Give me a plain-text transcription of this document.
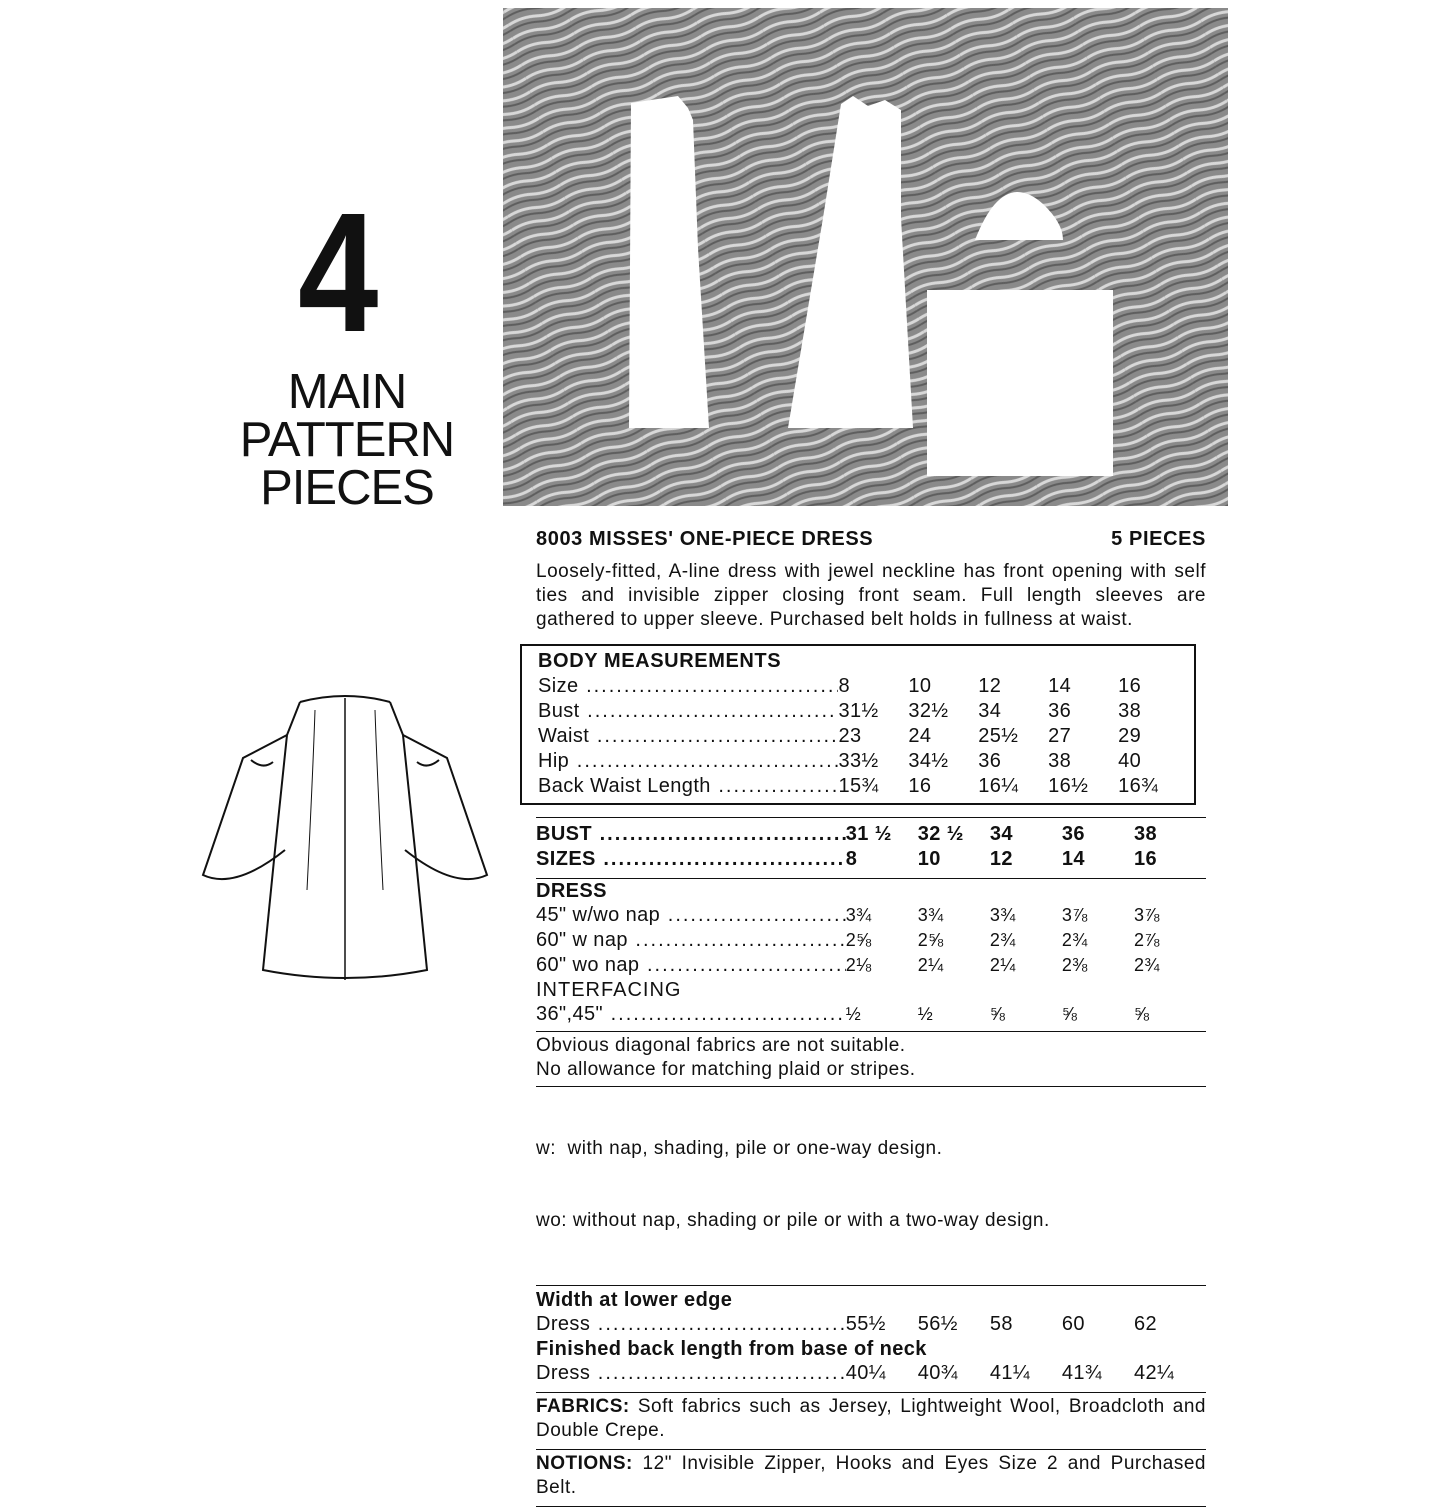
4
MAIN
PATTERN
PIECES
8003 MISSES' ONE-PIECE DRESS	5 PIECES
Loosely-fitted, A-line dress with jewel neckline has front opening with self ties and invisible zipper closing front seam. Full length sleeves are gathered to upper sleeve. Purchased belt holds in fullness at waist.
BODY MEASUREMENTS
Size .....	8	10	12	14	16
Bust .....	31½	32½	34	36	38
Waist .....	23	24	25½	27	29
Hip .....	33½	34½	36	38	40
Back Waist Length .....	15¾	16	16¼	16½	16¾
BUST .....	31 ½	32 ½	34	36	38
SIZES .....	8	10	12	14	16
DRESS
45" w/wo nap .....	3¾	3¾	3¾	3⅞	3⅞
60" w nap .....	2⅝	2⅝	2¾	2¾	2⅞
60" wo nap .....	2⅛	2¼	2¼	2⅜	2¾
INTERFACING
36",45" .....	½	½	⅝	⅝	⅝
Obvious diagonal fabrics are not suitable.
No allowance for matching plaid or stripes.

w:  with nap, shading, pile or one-way design.

wo: without nap, shading or pile or with a two-way design.

Width at lower edge
Dress .....	55½	56½	58	60	62
Finished back length from base of neck
Dress .....	40¼	40¾	41¼	41¾	42¼
FABRICS: Soft fabrics such as Jersey, Lightweight Wool, Broadcloth and Double Crepe.
NOTIONS: 12" Invisible Zipper, Hooks and Eyes Size 2 and Purchased Belt.
